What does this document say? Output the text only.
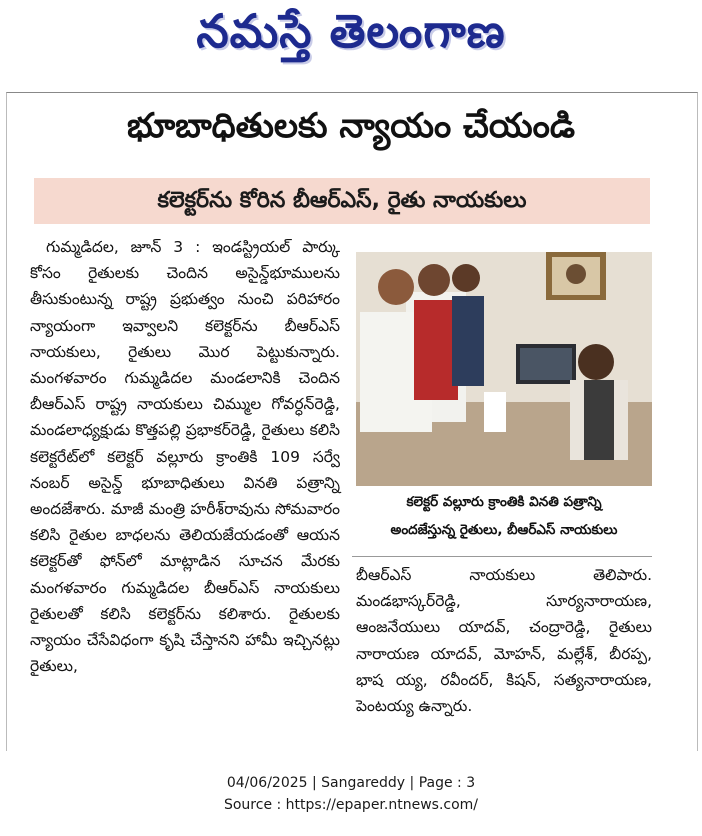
నమస్తే తెలంగాణ
భూబాధితులకు న్యాయం చేయండి
కలెక్టర్‌ను కోరిన బీఆర్‌ఎస్, రైతు నాయకులు

గుమ్మడిదల, జూన్ 3 : ఇండస్ట్రియల్ పార్కు కోసం రైతులకు చెందిన అసైన్డ్‌భూములను తీసుకుంటున్న రాష్ట్ర ప్రభుత్వం నుంచి పరిహారం న్యాయంగా ఇవ్వాలని కలెక్టర్‌ను బీఆర్‌ఎస్ నాయకులు, రైతులు మొర పెట్టుకున్నారు. మంగళవారం గుమ్మడిదల మండలానికి చెందిన బీఆర్‌ఎస్ రాష్ట్ర నాయకులు చిమ్ముల గోవర్ధన్‌రెడ్డి, మండలాధ్యక్షుడు కొత్తపల్లి ప్రభాకర్‌రెడ్డి, రైతులు కలిసి కలెక్టరేట్‌లో కలెక్టర్ వల్లూరు క్రాంతికి 109 సర్వే నంబర్ అసైన్డ్ భూబాధితులు వినతి పత్రాన్ని అందజేశారు. మాజీ మంత్రి హరీశ్‌రావును సోమవారం కలిసి రైతుల బాధలను తెలియజేయడంతో ఆయన కలెక్టర్‌తో ఫోన్‌లో మాట్లాడిన సూచన మేరకు మంగళవారం గుమ్మడిదల బీఆర్‌ఎస్ నాయకులు రైతులతో కలిసి కలెక్టర్‌ను కలిశారు. రైతులకు న్యాయం చేసేవిధంగా కృషి చేస్తానని హామీ ఇచ్చినట్లు రైతులు,

కలెక్టర్ వల్లూరు క్రాంతికి వినతి పత్రాన్ని
అందజేస్తున్న రైతులు, బీఆర్‌ఎస్ నాయకులు

బీఆర్‌ఎస్ నాయకులు తెలిపారు. మండభాస్కర్‌రెడ్డి, సూర్యనారాయణ, ఆంజనేయులు యాదవ్, చంద్రారెడ్డి, రైతులు నారాయణ యాదవ్, మోహన్, మల్లేశ్, బీరప్ప, భాష య్య, రవీందర్, కిషన్, సత్యనారాయణ, పెంటయ్య ఉన్నారు.

04/06/2025 | Sangareddy | Page : 3
Source : https://epaper.ntnews.com/
